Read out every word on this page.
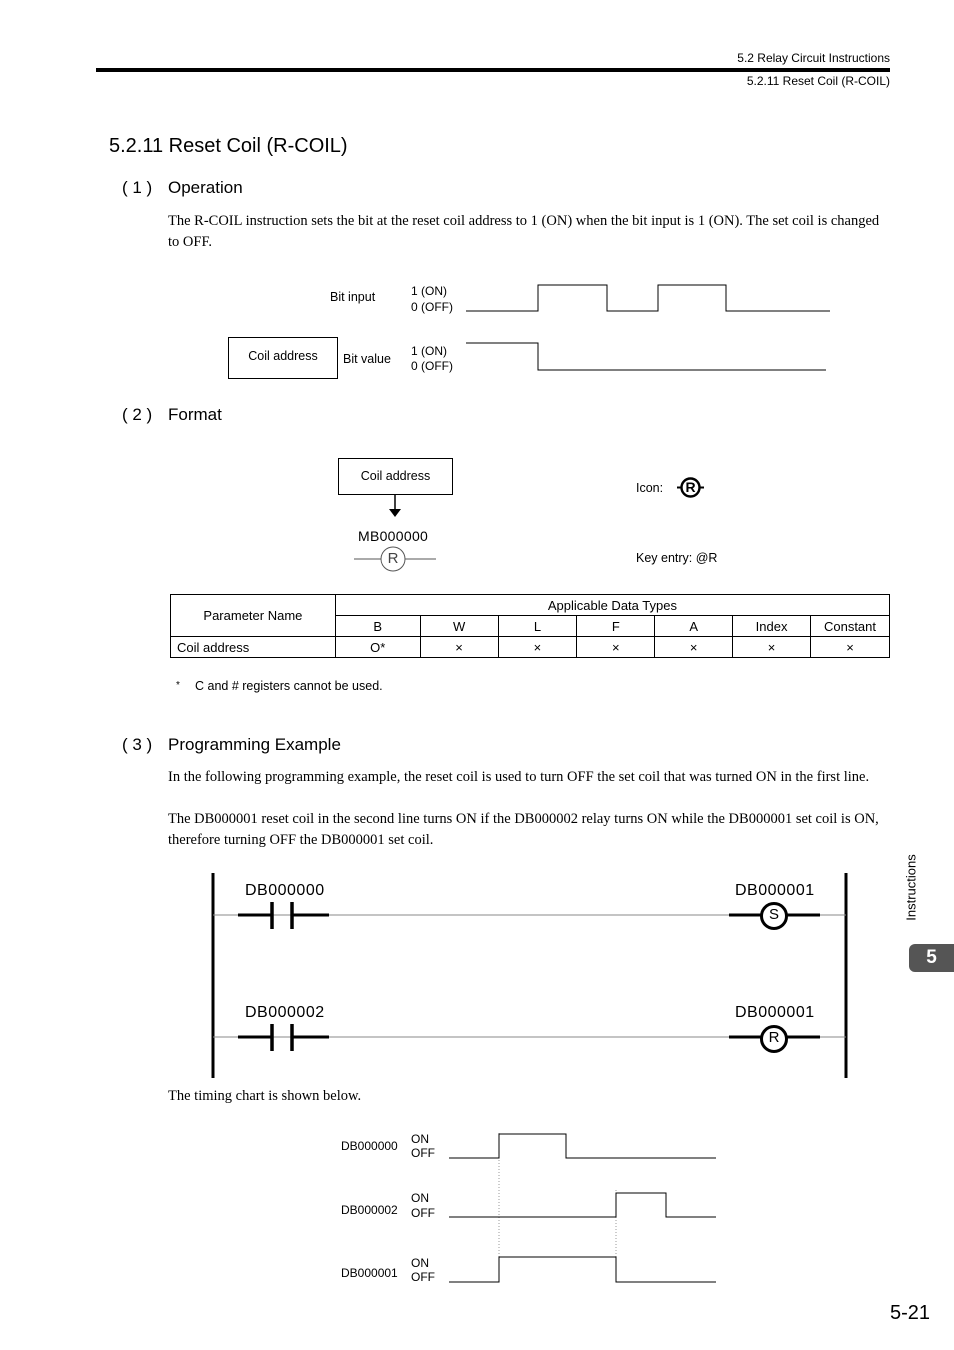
5.2 Relay Circuit Instructions
5.2.11 Reset Coil (R-COIL)
5.2.11 Reset Coil (R-COIL)
( 1 ) Operation
The R-COIL instruction sets the bit at the reset coil address to 1 (ON) when the bit input is 1 (ON). The set coil is changed to OFF.
Bit input	1 (ON)
0 (OFF)
Coil address	Bit value
1 (ON)
0 (OFF)
( 2 ) Format
Coil address
MB000000
R
Icon:	R
Key entry: @R
Parameter Name	Applicable Data Types						
	B	W	L	F	A	Index	Constant
Coil address	O*	×	×	×	×	×	×
* C and # registers cannot be used.
( 3 ) Programming Example
In the following programming example, the reset coil is used to turn OFF the set coil that was turned ON in the first line.
The DB000001 reset coil in the second line turns ON if the DB000002 relay turns ON while the DB000001 set coil is ON, therefore turning OFF the DB000001 set coil.
DB000000	DB000001
S
DB000002	DB000001
R
The timing chart is shown below.
DB000000 ON
OFF
DB000002
ON
OFF
DB000001
ON
OFF
Instructions
5
5-21
